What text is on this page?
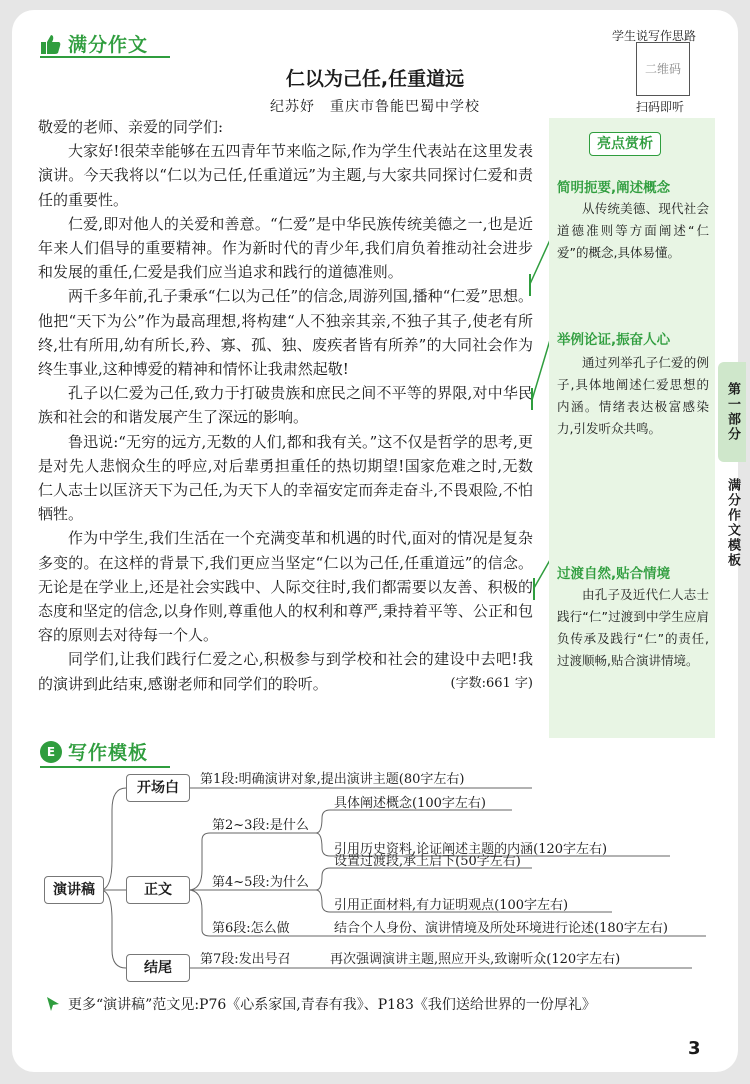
满分作文
仁以为己任,任重道远
纪苏妤　重庆市鲁能巴蜀中学校
学生说写作思路
二维码
扫码即听

敬爱的老师、亲爱的同学们:

大家好!很荣幸能够在五四青年节来临之际,作为学生代表站在这里发表演讲。今天我将以“仁以为己任,任重道远”为主题,与大家共同探讨仁爱和责任的重要性。

仁爱,即对他人的关爱和善意。“仁爱”是中华民族传统美德之一,也是近年来人们倡导的重要精神。作为新时代的青少年,我们肩负着推动社会进步和发展的重任,仁爱是我们应当追求和践行的道德准则。

两千多年前,孔子秉承“仁以为己任”的信念,周游列国,播种“仁爱”思想。他把“天下为公”作为最高理想,将构建“人不独亲其亲,不独子其子,使老有所终,壮有所用,幼有所长,矜、寡、孤、独、废疾者皆有所养”的大同社会作为终生事业,这种博爱的精神和情怀让我肃然起敬!

孔子以仁爱为己任,致力于打破贵族和庶民之间不平等的界限,对中华民族和社会的和谐发展产生了深远的影响。

鲁迅说:“无穷的远方,无数的人们,都和我有关。”这不仅是哲学的思考,更是对先人悲悯众生的呼应,对后辈勇担重任的热切期望!国家危难之时,无数仁人志士以匡济天下为己任,为天下人的幸福安定而奔走奋斗,不畏艰险,不怕牺牲。

作为中学生,我们生活在一个充满变革和机遇的时代,面对的情况是复杂多变的。在这样的背景下,我们更应当坚定“仁以为己任,任重道远”的信念。无论是在学业上,还是社会实践中、人际交往时,我们都需要以友善、积极的态度和坚定的信念,以身作则,尊重他人的权利和尊严,秉持着平等、公正和包容的原则去对待每一个人。

同学们,让我们践行仁爱之心,积极参与到学校和社会的建设中去吧!我的演讲到此结束,感谢老师和同学们的聆听。	(字数:661 字)

亮点赏析
简明扼要,阐述概念
从传统美德、现代社会道德准则等方面阐述“仁爱”的概念,具体易懂。
举例论证,振奋人心
通过列举孔子仁爱的例子,具体地阐述仁爱思想的内涵。情绪表达极富感染力,引发听众共鸣。
过渡自然,贴合情境
由孔子及近代仁人志士践行“仁”过渡到中学生应肩负传承及践行“仁”的责任,过渡顺畅,贴合演讲情境。
E 写作模板
演讲稿
开场白
正文
结尾
第1段:明确演讲对象,提出演讲主题(80字左右)
第2~3段:是什么
具体阐述概念(100字左右)
引用历史资料,论证阐述主题的内涵(120字左右)
第4~5段:为什么
设置过渡段,承上启下(50字左右)
引用正面材料,有力证明观点(100字左右)
第6段:怎么做	结合个人身份、演讲情境及所处环境进行论述(180字左右)
第7段:发出号召	再次强调演讲主题,照应开头,致谢听众(120字左右)
更多“演讲稿”范文见:P76《心系家国,青春有我》、P183《我们送给世界的一份厚礼》
3
第一部分
满分作文模板
